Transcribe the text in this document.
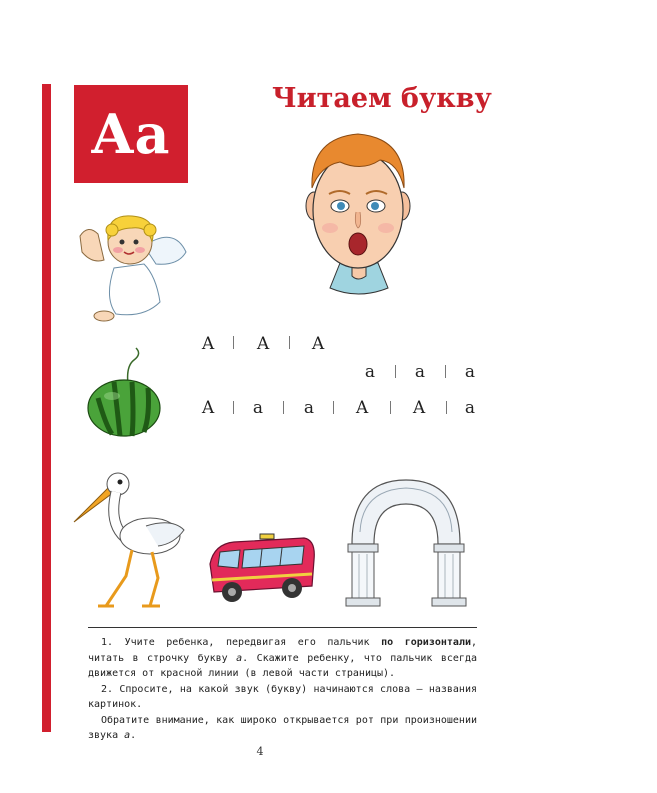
Aa
Читаем букву
А А А
а а а
А а а А	А а

1. Учите ребенка, передвигая его пальчик по горизонтали, читать в строчку букву а. Скажите ребенку, что пальчик всегда движется от красной линии (в левой части страницы).

2. Спросите, на какой звук (букву) начинаются слова — названия картинок.

Обратите внимание, как широко открывается рот при произношении звука а.

4
